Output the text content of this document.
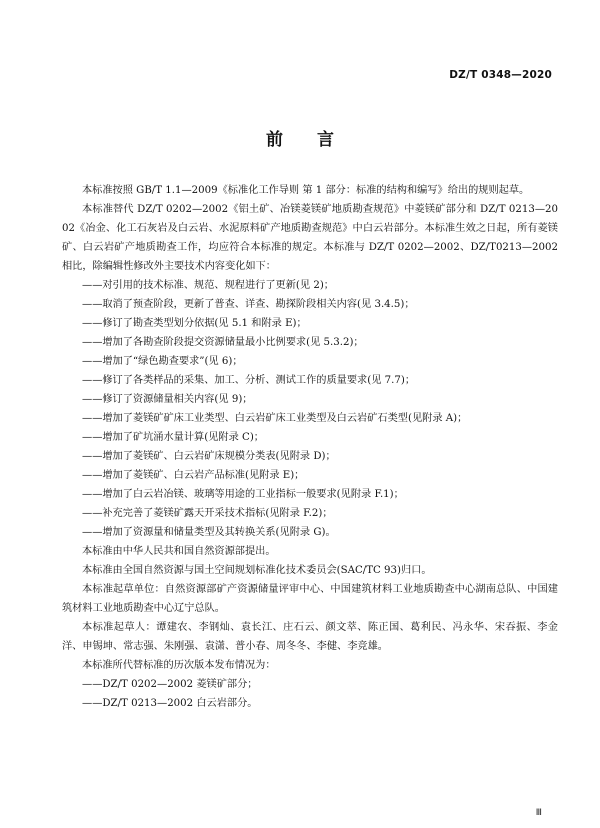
DZ/T 0348—2020
前 言

本标准按照 GB/T 1.1—2009《标准化工作导则 第 1 部分：标准的结构和编写》给出的规则起草。

本标准替代 DZ/T 0202—2002《铝土矿、冶镁菱镁矿地质勘查规范》中菱镁矿部分和 DZ/T 0213—2002《冶金、化工石灰岩及白云岩、水泥原料矿产地质勘查规范》中白云岩部分。本标准生效之日起，所有菱镁矿、白云岩矿产地质勘查工作，均应符合本标准的规定。本标准与 DZ/T 0202—2002、DZ/T0213—2002 相比，除编辑性修改外主要技术内容变化如下：

——对引用的技术标准、规范、规程进行了更新(见 2)；

——取消了预查阶段，更新了普查、详查、勘探阶段相关内容(见 3.4.5)；

——修订了勘查类型划分依据(见 5.1 和附录 E)；

——增加了各勘查阶段提交资源储量最小比例要求(见 5.3.2)；

——增加了“绿色勘查要求”(见 6)；

——修订了各类样品的采集、加工、分析、测试工作的质量要求(见 7.7)；

——修订了资源储量相关内容(见 9)；

——增加了菱镁矿矿床工业类型、白云岩矿床工业类型及白云岩矿石类型(见附录 A)；

——增加了矿坑涌水量计算(见附录 C)；

——增加了菱镁矿、白云岩矿床规模分类表(见附录 D)；

——增加了菱镁矿、白云岩产品标准(见附录 E)；

——增加了白云岩冶镁、玻璃等用途的工业指标一般要求(见附录 F.1)；

——补充完善了菱镁矿露天开采技术指标(见附录 F.2)；

——增加了资源量和储量类型及其转换关系(见附录 G)。

本标准由中华人民共和国自然资源部提出。

本标准由全国自然资源与国土空间规划标准化技术委员会(SAC/TC 93)归口。

本标准起草单位：自然资源部矿产资源储量评审中心、中国建筑材料工业地质勘查中心湖南总队、中国建筑材料工业地质勘查中心辽宁总队。

本标准起草人：谭建农、李钢灿、袁长江、庄石云、颜文萃、陈正国、葛利民、冯永华、宋吞振、李金洋、申锡坤、常志强、朱刚强、袁潇、普小春、周冬冬、李健、李竞雄。

本标准所代替标准的历次版本发布情况为：

——DZ/T 0202—2002 菱镁矿部分；

——DZ/T 0213—2002 白云岩部分。

Ⅲ
